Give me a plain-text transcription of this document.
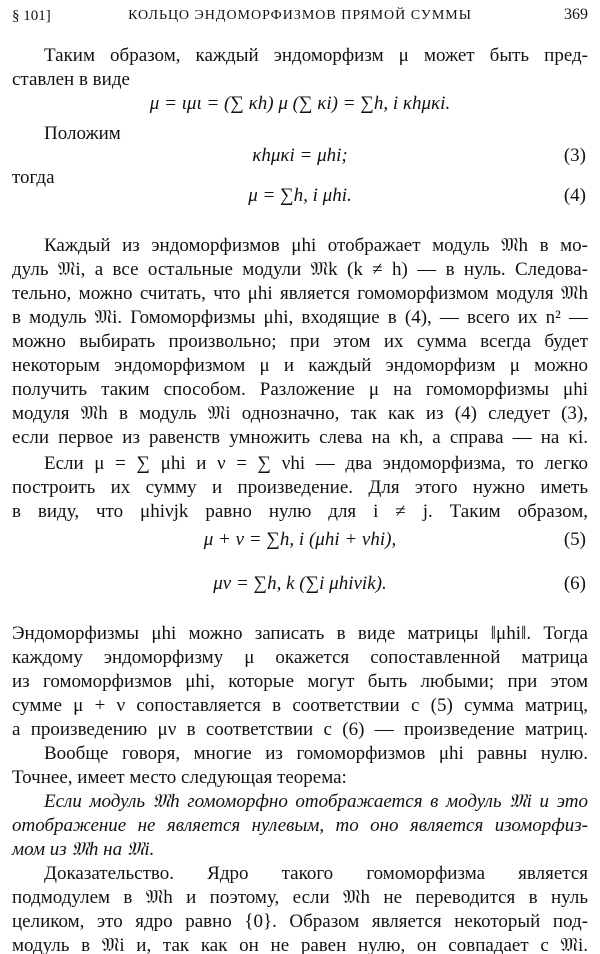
§ 101]	КОЛЬЦО ЭНДОМОРФИЗМОВ ПРЯМОЙ СУММЫ	369
Таким образом, каждый эндоморфизм μ может быть пред-
ставлен в виде
μ = ιμι = (∑ κh) μ (∑ κi) = ∑h, i κhμκi.
Положим
κhμκi = μhi;	(3)
тогда
μ = ∑h, i μhi.	(4)
Каждый из эндоморфизмов μhi отображает модуль 𝔐h в мо-
дуль 𝔐i, а все остальные модули 𝔐k (k ≠ h) — в нуль. Следова-
тельно, можно считать, что μhi является гомоморфизмом модуля 𝔐h
в модуль 𝔐i. Гомоморфизмы μhi, входящие в (4), — всего их n² —
можно выбирать произвольно; при этом их сумма всегда будет
некоторым эндоморфизмом μ и каждый эндоморфизм μ можно
получить таким способом. Разложение μ на гомоморфизмы μhi
модуля 𝔐h в модуль 𝔐i однозначно, так как из (4) следует (3),
если первое из равенств умножить слева на κh, а справа — на κi.
Если μ = ∑ μhi и ν = ∑ νhi — два эндоморфизма, то легко
построить их сумму и произведение. Для этого нужно иметь
в виду, что μhiνjk равно нулю для i ≠ j. Таким образом,
μ + ν = ∑h, i (μhi + νhi),	(5)
μν = ∑h, k (∑i μhiνik).	(6)
Эндоморфизмы μhi можно записать в виде матрицы ‖μhi‖. Тогда
каждому эндоморфизму μ окажется сопоставленной матрица
из гомоморфизмов μhi, которые могут быть любыми; при этом
сумме μ + ν сопоставляется в соответствии с (5) сумма матриц,
а произведению μν в соответствии с (6) — произведение матриц.
Вообще говоря, многие из гомоморфизмов μhi равны нулю.
Точнее, имеет место следующая теорема:
Если модуль 𝔐h гомоморфно отображается в модуль 𝔐i и это
отображение не является нулевым, то оно является изоморфиз-
мом из 𝔐h на 𝔐i.
Доказательство. Ядро такого гомоморфизма является
подмодулем в 𝔐h и поэтому, если 𝔐h не переводится в нуль
целиком, это ядро равно {0}. Образом является некоторый под-
модуль в 𝔐i и, так как он не равен нулю, он совпадает с 𝔐i.
